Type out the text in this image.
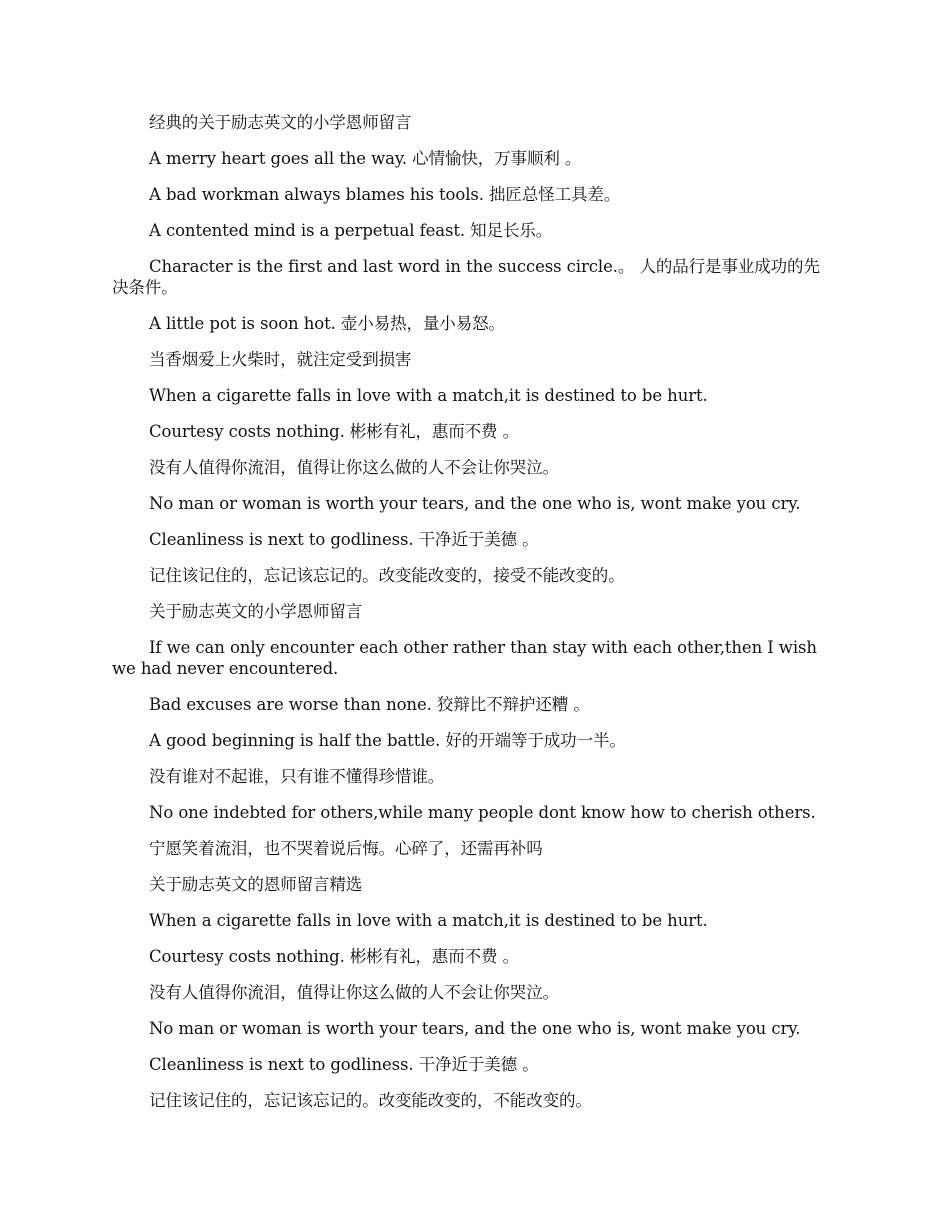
经典的关于励志英文的小学恩师留言

A merry heart goes all the way. 心情愉快，万事顺利 。

A bad workman always blames his tools. 拙匠总怪工具差。

A contented mind is a perpetual feast. 知足长乐。

Character is the first and last word in the success circle.。 人的品行是事业成功的先决条件。

A little pot is soon hot. 壶小易热，量小易怒。

当香烟爱上火柴时，就注定受到损害

When a cigarette falls in love with a match,it is destined to be hurt.

Courtesy costs nothing. 彬彬有礼，惠而不费 。

没有人值得你流泪，值得让你这么做的人不会让你哭泣。

No man or woman is worth your tears, and the one who is, wont make you cry.

Cleanliness is next to godliness. 干净近于美德 。

记住该记住的，忘记该忘记的。改变能改变的，接受不能改变的。

关于励志英文的小学恩师留言

If we can only encounter each other rather than stay with each other,then I wish we had never encountered.

Bad excuses are worse than none. 狡辩比不辩护还糟 。

A good beginning is half the battle. 好的开端等于成功一半。

没有谁对不起谁，只有谁不懂得珍惜谁。

No one indebted for others,while many people dont know how to cherish others.

宁愿笑着流泪，也不哭着说后悔。心碎了，还需再补吗

关于励志英文的恩师留言精选

When a cigarette falls in love with a match,it is destined to be hurt.

Courtesy costs nothing. 彬彬有礼，惠而不费 。

没有人值得你流泪，值得让你这么做的人不会让你哭泣。

No man or woman is worth your tears, and the one who is, wont make you cry.

Cleanliness is next to godliness. 干净近于美德 。

记住该记住的，忘记该忘记的。改变能改变的，不能改变的。
